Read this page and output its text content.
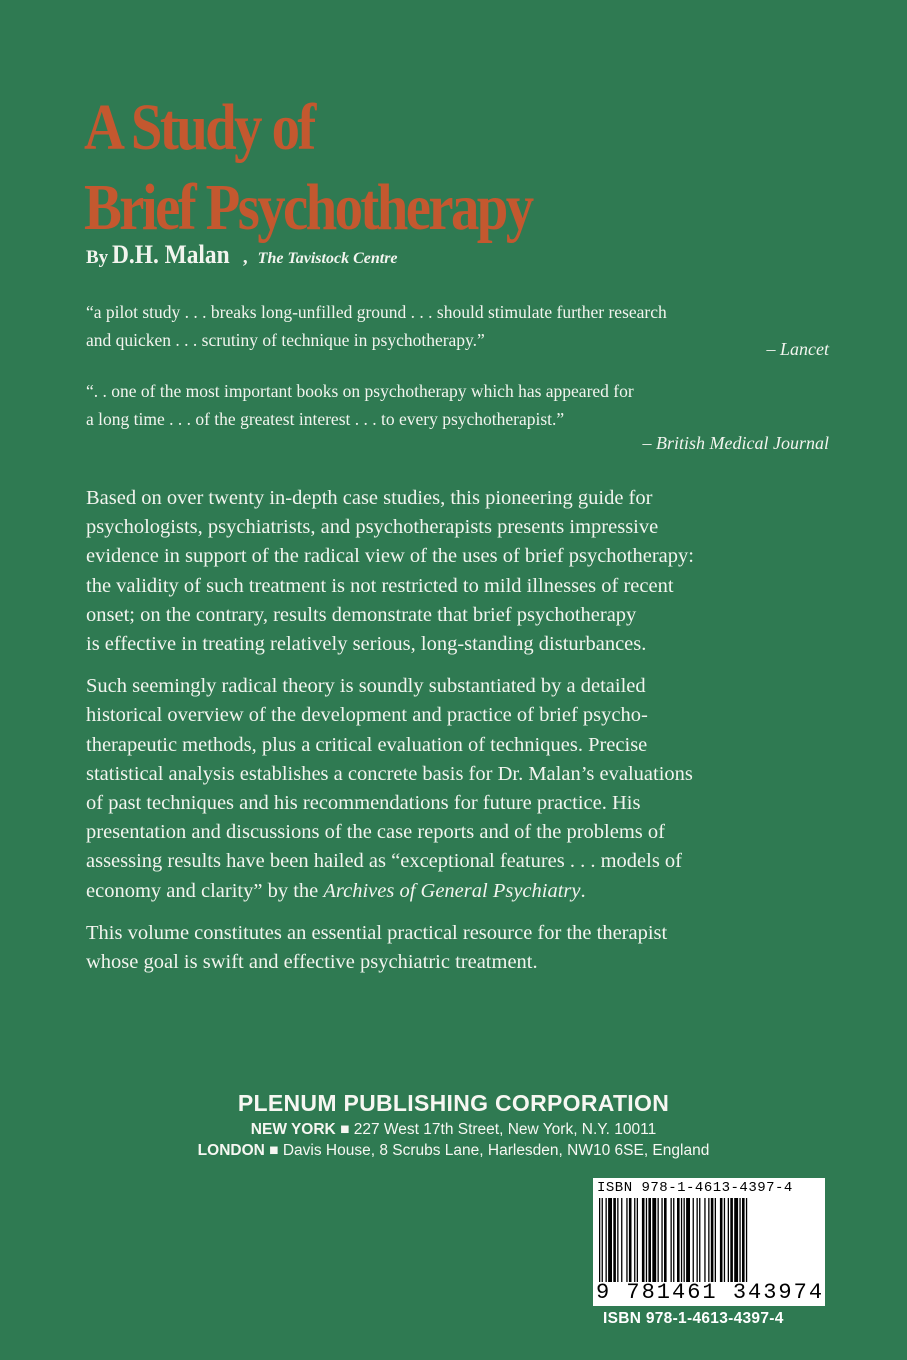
A Study of
Brief Psychotherapy
By D.H. Malan , The Tavistock Centre
“a pilot study . . . breaks long-unfilled ground . . . should stimulate further research
and quicken . . . scrutiny of technique in psychotherapy.”	– Lancet
“. . one of the most important books on psychotherapy which has appeared for
a long time . . . of the greatest interest . . . to every psychotherapist.”
– British Medical Journal

Based on over twenty in-depth case studies, this pioneering guide for
psychologists, psychiatrists, and psychotherapists presents impressive
evidence in support of the radical view of the uses of brief psychotherapy:
the validity of such treatment is not restricted to mild illnesses of recent
onset; on the contrary, results demonstrate that brief psychotherapy
is effective in treating relatively serious, long-standing disturbances.

Such seemingly radical theory is soundly substantiated by a detailed
historical overview of the development and practice of brief psycho-
therapeutic methods, plus a critical evaluation of techniques. Precise
statistical analysis establishes a concrete basis for Dr. Malan’s evaluations
of past techniques and his recommendations for future practice. His
presentation and discussions of the case reports and of the problems of
assessing results have been hailed as “exceptional features . . . models of
economy and clarity” by the Archives of General Psychiatry.

This volume constitutes an essential practical resource for the therapist
whose goal is swift and effective psychiatric treatment.

PLENUM PUBLISHING CORPORATION
NEW YORK ■ 227 West 17th Street, New York, N.Y. 10011
LONDON ■ Davis House, 8 Scrubs Lane, Harlesden, NW10 6SE, England
ISBN 978-1-4613-4397-4
9 781461 343974
ISBN 978-1-4613-4397-4
